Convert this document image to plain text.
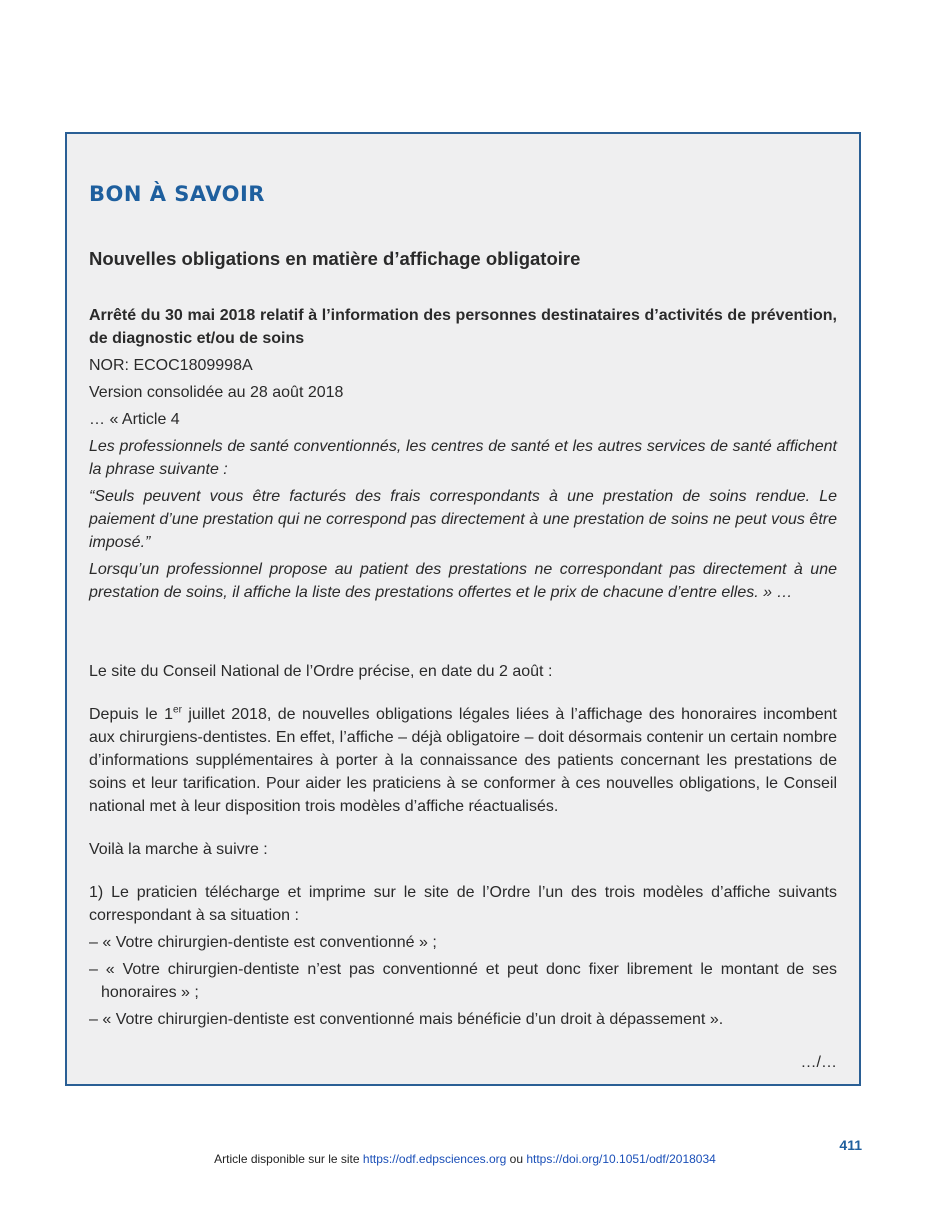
BON À SAVOIR
Nouvelles obligations en matière d’affichage obligatoire

Arrêté du 30 mai 2018 relatif à l’information des personnes destinataires d’activités de prévention, de diagnostic et/ou de soins

NOR: ECOC1809998A

Version consolidée au 28 août 2018

… « Article 4

Les professionnels de santé conventionnés, les centres de santé et les autres services de santé affichent la phrase suivante :

“Seuls peuvent vous être facturés des frais correspondants à une prestation de soins rendue. Le paiement d’une prestation qui ne correspond pas directement à une prestation de soins ne peut vous être imposé.”

Lorsqu’un professionnel propose au patient des prestations ne correspondant pas directement à une prestation de soins, il affiche la liste des prestations offertes et le prix de chacune d’entre elles. » …

Le site du Conseil National de l’Ordre précise, en date du 2 août :

Depuis le 1er juillet 2018, de nouvelles obligations légales liées à l’affichage des honoraires incombent aux chirurgiens-dentistes. En effet, l’affiche – déjà obligatoire – doit désormais contenir un certain nombre d’informations supplémentaires à porter à la connaissance des patients concernant les prestations de soins et leur tarification. Pour aider les praticiens à se conformer à ces nouvelles obligations, le Conseil national met à leur disposition trois modèles d’affiche réactualisés.

Voilà la marche à suivre :

1) Le praticien télécharge et imprime sur le site de l’Ordre l’un des trois modèles d’affiche suivants correspondant à sa situation :

– « Votre chirurgien-dentiste est conventionné » ;

– « Votre chirurgien-dentiste n’est pas conventionné et peut donc fixer librement le montant de ses honoraires » ;

– « Votre chirurgien-dentiste est conventionné mais bénéficie d’un droit à dépassement ».

…/…

411
Article disponible sur le site https://odf.edpsciences.org ou https://doi.org/10.1051/odf/2018034
